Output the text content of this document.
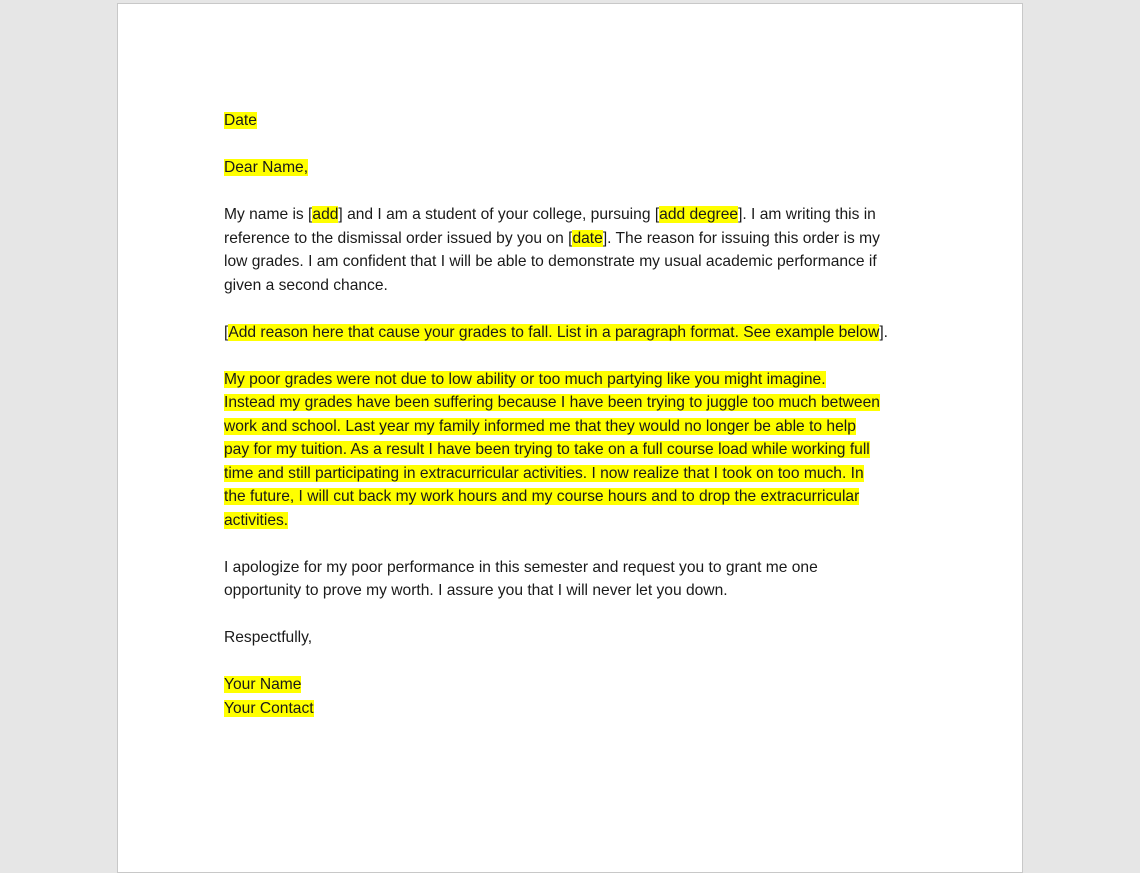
Date

Dear Name,

My name is [add] and I am a student of your college, pursuing [add degree]. I am writing this in
reference to the dismissal order issued by you on [date]. The reason for issuing this order is my
low grades. I am confident that I will be able to demonstrate my usual academic performance if
given a second chance.

[Add reason here that cause your grades to fall. List in a paragraph format. See example below].

My poor grades were not due to low ability or too much partying like you might imagine.
Instead my grades have been suffering because I have been trying to juggle too much between
work and school. Last year my family informed me that they would no longer be able to help
pay for my tuition. As a result I have been trying to take on a full course load while working full
time and still participating in extracurricular activities. I now realize that I took on too much. In
the future, I will cut back my work hours and my course hours and to drop the extracurricular
activities.

I apologize for my poor performance in this semester and request you to grant me one
opportunity to prove my worth. I assure you that I will never let you down.

Respectfully,

Your Name
Your Contact
